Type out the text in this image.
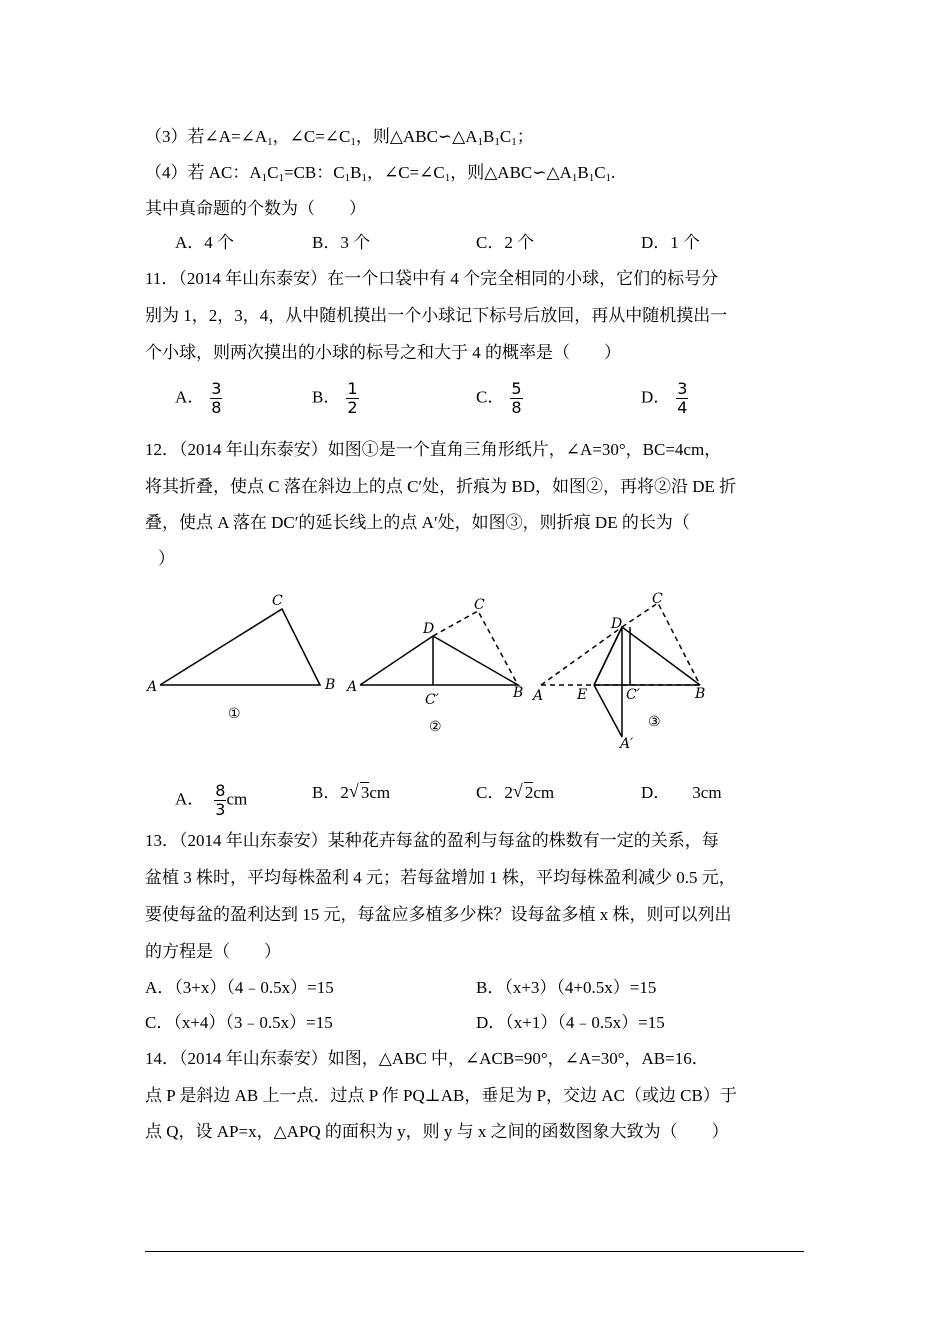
（3）若$\angle A=\angle A_1$，$\angle C=\angle C_1$，则$\triangle ABC∽\triangle A_1B_1C_1$；
（4）若 AC：$A_1C_1=CB$：$C_1B_1$，$\angle C=\angle C_1$，则$\triangle ABC∽\triangle A_1B_1C_1$.
其中真命题的个数为（　　）
A．4 个	B．3 个	C．2 个	D．1 个
11．（2014 年山东泰安）在一个口袋中有 4 个完全相同的小球，它们的标号分
别为 1，2，3，4，从中随机摸出一个小球记下标号后放回，再从中随机摸出一
个小球，则两次摸出的小球的标号之和大于 4 的概率是（　　）
A． $\frac{3}{8}$	B． $\frac{1}{2}$	C． $\frac{5}{8}$	D． $\frac{3}{4}$
12．（2014 年山东泰安）如图①是一个直角三角形纸片，∠A=30°，BC=4cm，
将其折叠，使点 C 落在斜边上的点 C′处，折痕为 BD，如图②，再将②沿 DE 折
叠，使点 A 落在 DC′的延长线上的点 A′处，如图③，则折痕 DE 的长为（
）
A
C
B
①
A
D
C
C′	B
②
A E
D
C
C′	B
A′
③
A． $\frac{8}{3}$ cm	B．2 √ 3cm	C．2 √ 2cm	D． 3cm
13．（2014 年山东泰安）某种花卉每盆的盈利与每盆的株数有一定的关系，每
盆植 3 株时，平均每株盈利 4 元；若每盆增加 1 株，平均每株盈利减少 0.5 元，
要使每盆的盈利达到 15 元，每盆应多植多少株？设每盆多植 x 株，则可以列出
的方程是（　　）
A．（3+x）（4﹣0.5x）=15	B．（x+3）（4+0.5x）=15
C．（x+4）（3﹣0.5x）=15	D．（x+1）（4﹣0.5x）=15
14．（2014 年山东泰安）如图，△ABC 中，∠ACB=90°，∠A=30°，AB=16．
点 P 是斜边 AB 上一点．过点 P 作 PQ⊥AB，垂足为 P，交边 AC（或边 CB）于
点 Q，设 AP=x，△APQ 的面积为 y，则 y 与 x 之间的函数图象大致为（　　）
